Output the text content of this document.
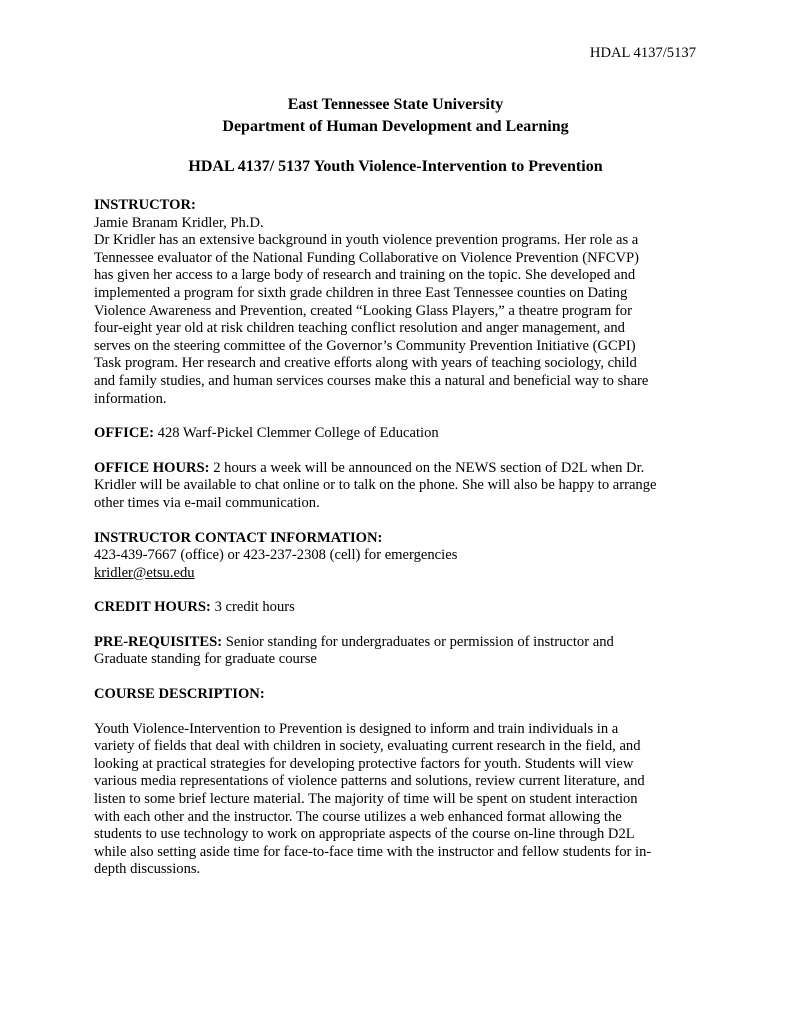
HDAL 4137/5137
East Tennessee State University
Department of Human Development and Learning
HDAL 4137/ 5137 Youth Violence-Intervention to Prevention

INSTRUCTOR:

Jamie Branam Kridler, Ph.D.

Dr Kridler has an extensive background in youth violence prevention programs. Her role as a

Tennessee evaluator of the National Funding Collaborative on Violence Prevention (NFCVP)

has given her access to a large body of research and training on the topic. She developed and

implemented a program for sixth grade children in three East Tennessee counties on Dating

Violence Awareness and Prevention, created “Looking Glass Players,” a theatre program for

four-eight year old at risk children teaching conflict resolution and anger management, and

serves on the steering committee of the Governor’s Community Prevention Initiative (GCPI)

Task program. Her research and creative efforts along with years of teaching sociology, child

and family studies, and human services courses make this a natural and beneficial way to share

information.

OFFICE: 428 Warf-Pickel Clemmer College of Education

OFFICE HOURS: 2 hours a week will be announced on the NEWS section of D2L when Dr.

Kridler will be available to chat online or to talk on the phone. She will also be happy to arrange

other times via e-mail communication.

INSTRUCTOR CONTACT INFORMATION:

423-439-7667 (office) or 423-237-2308 (cell) for emergencies

kridler@etsu.edu

CREDIT HOURS: 3 credit hours

PRE-REQUISITES: Senior standing for undergraduates or permission of instructor and

Graduate standing for graduate course

COURSE DESCRIPTION:

Youth Violence-Intervention to Prevention is designed to inform and train individuals in a

variety of fields that deal with children in society, evaluating current research in the field, and

looking at practical strategies for developing protective factors for youth. Students will view

various media representations of violence patterns and solutions, review current literature, and

listen to some brief lecture material. The majority of time will be spent on student interaction

with each other and the instructor. The course utilizes a web enhanced format allowing the

students to use technology to work on appropriate aspects of the course on-line through D2L

while also setting aside time for face-to-face time with the instructor and fellow students for in-

depth discussions.
